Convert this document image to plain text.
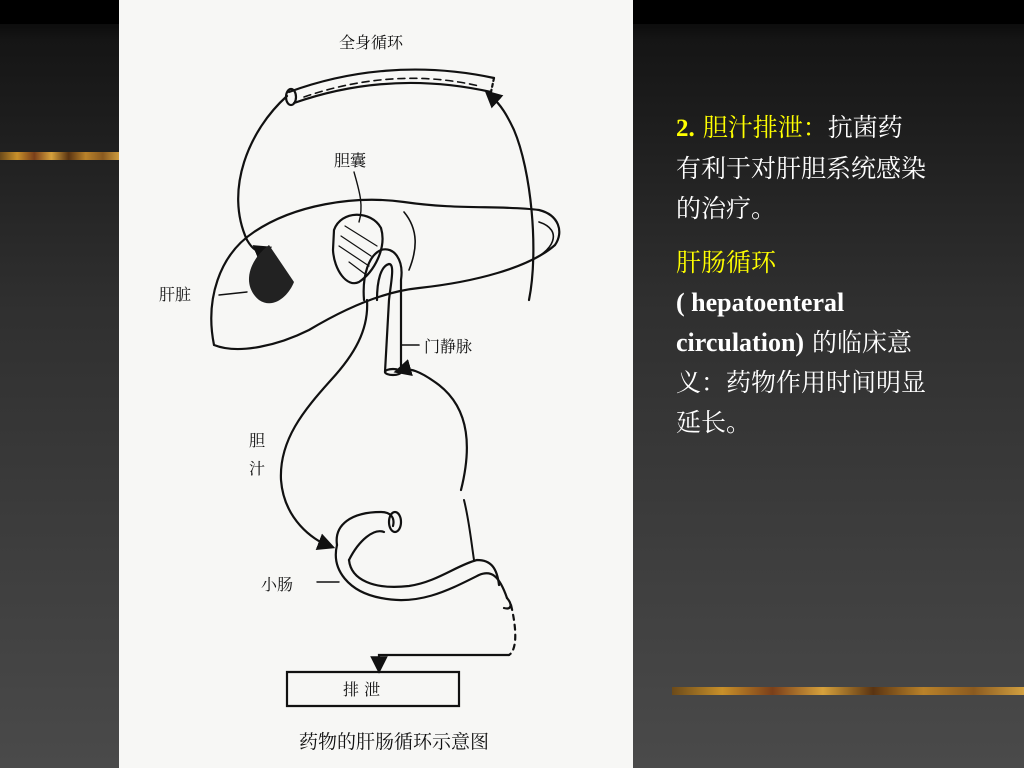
全身循环
胆囊
肝脏
门静脉
胆
汁
小肠
排 泄
药物的肝肠循环示意图

2. 胆汁排泄：抗菌药有利于对肝胆系统感染的治疗。

肝肠循环
( hepatoenteral circulation) 的临床意义：药物作用时间明显延长。
